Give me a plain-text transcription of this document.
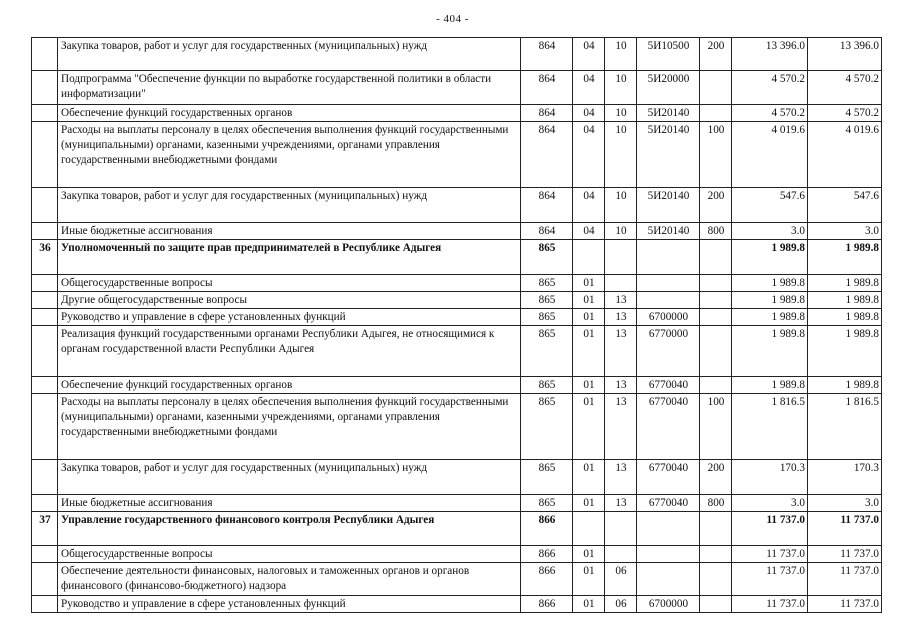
- 404 -
	Закупка товаров, работ и услуг для государственных (муниципальных) нужд	864	04	10	5И10500	200	13 396.0	13 396.0
	Подпрограмма "Обеспечение функции по выработке государственной политики в области информатизации"	864	04	10	5И20000		4 570.2	4 570.2
	Обеспечение функций государственных органов	864	04	10	5И20140		4 570.2	4 570.2
	Расходы на выплаты персоналу в целях обеспечения выполнения функций государственными (муниципальными) органами, казенными учреждениями, органами управления государственными внебюджетными фондами	864	04	10	5И20140	100	4 019.6	4 019.6
	Закупка товаров, работ и услуг для государственных (муниципальных) нужд	864	04	10	5И20140	200	547.6	547.6
	Иные бюджетные ассигнования	864	04	10	5И20140	800	3.0	3.0
36	Уполномоченный по защите прав предпринимателей в Республике Адыгея	865					1 989.8	1 989.8
	Общегосударственные вопросы	865	01				1 989.8	1 989.8
	Другие общегосударственные вопросы	865	01	13			1 989.8	1 989.8
	Руководство и управление в сфере установленных функций	865	01	13	6700000		1 989.8	1 989.8
	Реализация функций государственными органами Республики Адыгея, не относящимися к органам государственной власти Республики Адыгея	865	01	13	6770000		1 989.8	1 989.8
	Обеспечение функций государственных органов	865	01	13	6770040		1 989.8	1 989.8
	Расходы на выплаты персоналу в целях обеспечения выполнения функций государственными (муниципальными) органами, казенными учреждениями, органами управления государственными внебюджетными фондами	865	01	13	6770040	100	1 816.5	1 816.5
	Закупка товаров, работ и услуг для государственных (муниципальных) нужд	865	01	13	6770040	200	170.3	170.3
	Иные бюджетные ассигнования	865	01	13	6770040	800	3.0	3.0
37	Управление государственного финансового контроля Республики Адыгея	866					11 737.0	11 737.0
	Общегосударственные вопросы	866	01				11 737.0	11 737.0
	Обеспечение деятельности финансовых, налоговых и таможенных органов и органов финансового (финансово-бюджетного) надзора	866	01	06			11 737.0	11 737.0
	Руководство и управление в сфере установленных функций	866	01	06	6700000		11 737.0	11 737.0
